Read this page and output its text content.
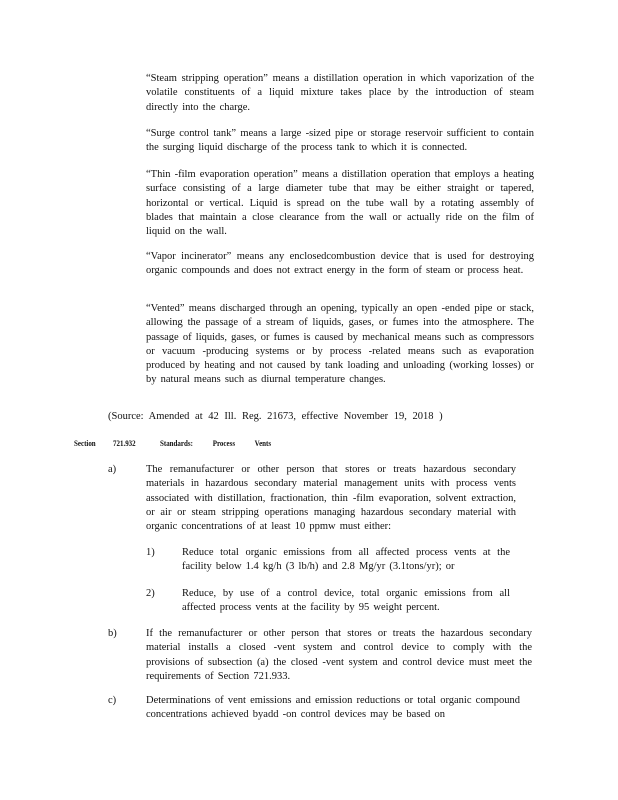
“Steam stripping operation” means a distillation operation in which vaporization of the volatile constituents of a liquid mixture takes place by the introduction of steam directly into the charge.

“Surge control tank” means a large -sized pipe or storage reservoir sufficient to contain the surging liquid discharge of the process tank to which it is connected.

“Thin -film evaporation operation” means a distillation operation that employs a heating surface consisting of a large diameter tube that may be either straight or tapered, horizontal or vertical. Liquid is spread on the tube wall by a rotating assembly of blades that maintain a close clearance from the wall or actually ride on the film of liquid on the wall.

“Vapor incinerator” means any enclosedcombustion device that is used for destroying organic compounds and does not extract energy in the form of steam or process heat.

“Vented” means discharged through an opening, typically an open -ended pipe or stack, allowing the passage of a stream of liquids, gases, or fumes into the atmosphere. The passage of liquids, gases, or fumes is caused by mechanical means such as compressors or vacuum -producing systems or by process -related means such as evaporation produced by heating and not caused by tank loading and unloading (working losses) or by natural means such as diurnal temperature changes.

(Source: Amended at 42 Ill. Reg. 21673, effective November 19, 2018 )

Section 721.932	Standards: Process Vents
a)	The remanufacturer or other person that stores or treats hazardous secondary materials in hazardous secondary material management units with process vents associated with distillation, fractionation, thin -film evaporation, solvent extraction, or air or steam stripping operations managing hazardous secondary material with organic concentrations of at least 10 ppmw must either:

1)	Reduce total organic emissions from all affected process vents at the facility below 1.4 kg/h (3 lb/h) and 2.8 Mg/yr (3.1tons/yr); or

2)	Reduce, by use of a control device, total organic emissions from all affected process vents at the facility by 95 weight percent.

b)	If the remanufacturer or other person that stores or treats the hazardous secondary material installs a closed -vent system and control device to comply with the provisions of subsection (a) the closed -vent system and control device must meet the requirements of Section 721.933.

c)	Determinations of vent emissions and emission reductions or total organic compound concentrations achieved byadd -on control devices may be based on
